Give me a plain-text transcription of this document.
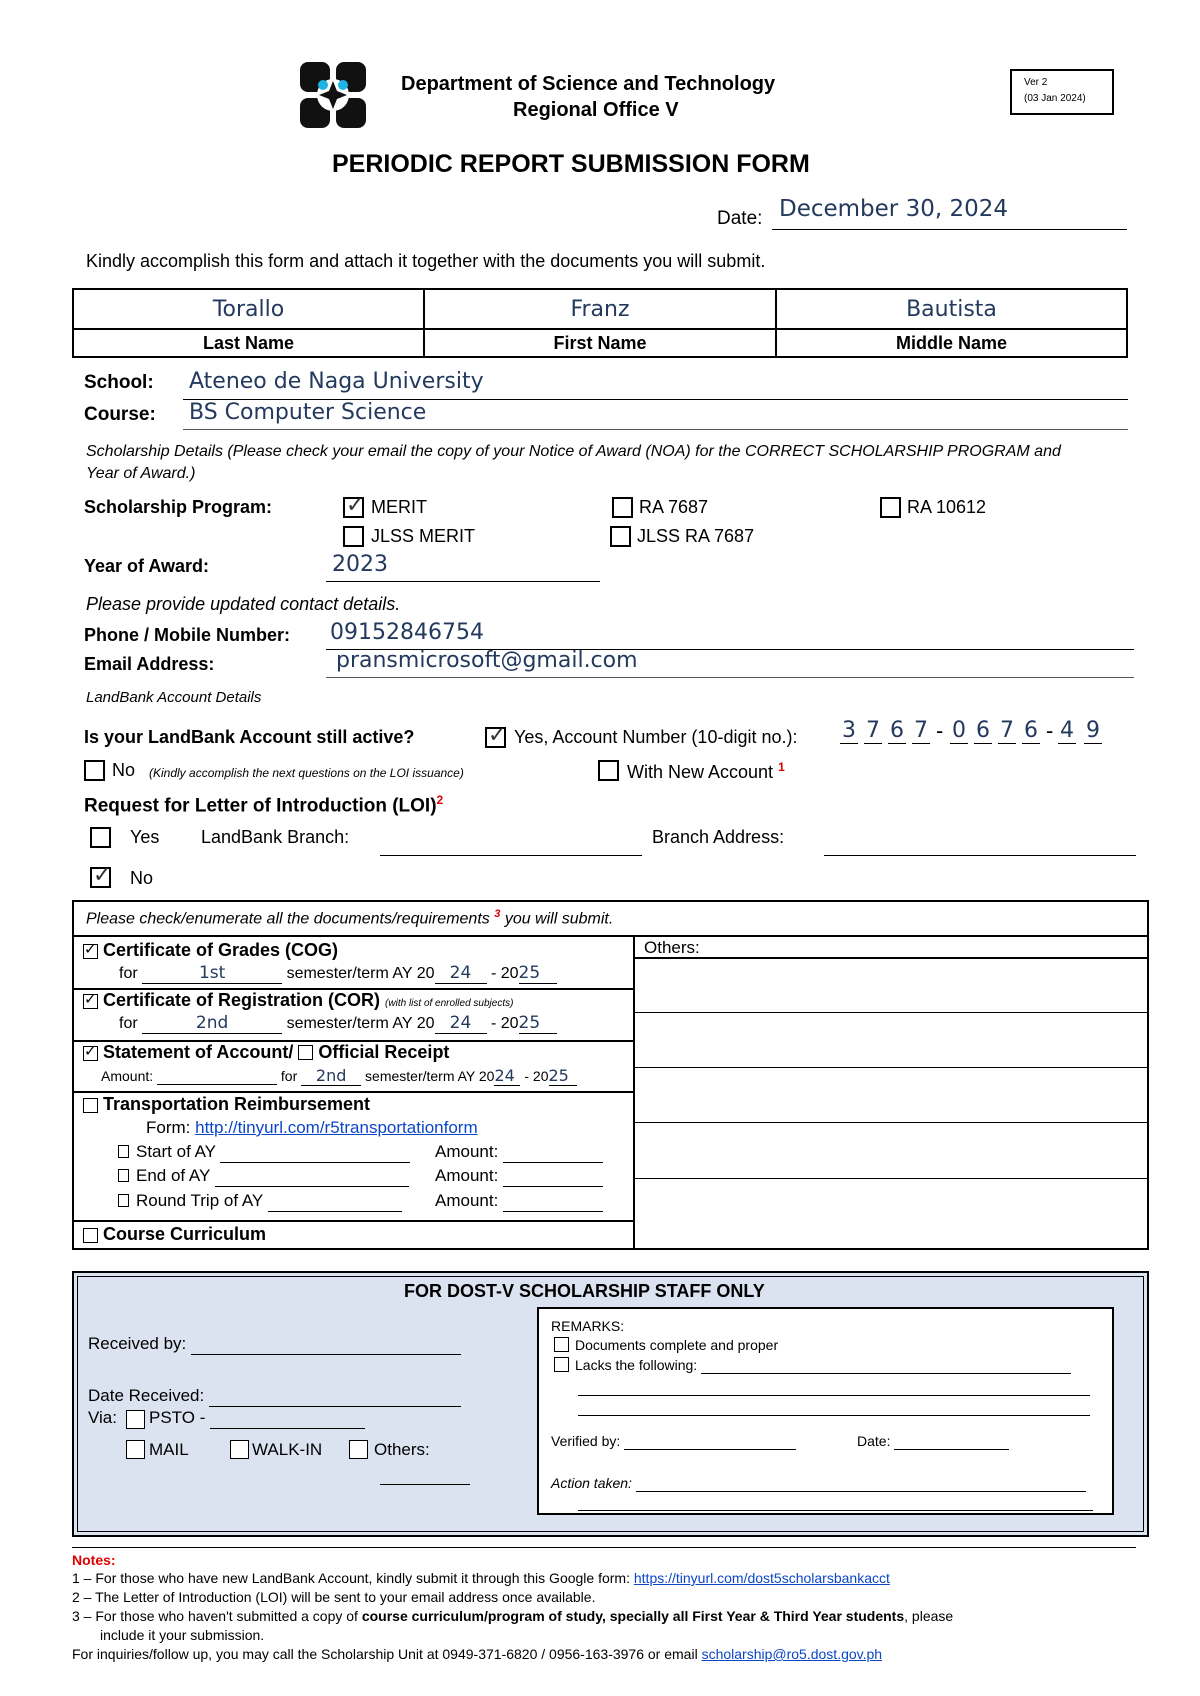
Department of Science and Technology
Regional Office V
Ver 2
(03 Jan 2024)
PERIODIC REPORT SUBMISSION FORM
Date: December 30, 2024
Kindly accomplish this form and attach it together with the documents you will submit.
Torallo	Franz	Bautista
Last Name	First Name	Middle Name
School: Ateneo de Naga University
Course: BS Computer Science
Scholarship Details (Please check your email the copy of your Notice of Award (NOA) for the CORRECT SCHOLARSHIP PROGRAM and Year of Award.)
Scholarship Program: ✓	MERIT	RA 7687	RA 10612
JLSS MERIT	JLSS RA 7687
Year of Award:	2023
Please provide updated contact details.
Phone / Mobile Number: 09152846754
Email Address:	pransmicrosoft@gmail.com
LandBank Account Details
Is your LandBank Account still active? ✓	Yes, Account Number (10-digit no.): 3 7 6 7 - 0 6 7 6 - 4 9
No (Kindly accomplish the next questions on the LOI issuance)	With New Account $^1$
Request for Letter of Introduction (LOI)$^2$
Yes LandBank Branch:	Branch Address:
✓
No
Please check/enumerate all the documents/requirements $^3$ you will submit.
Others:
✓
Certificate of Grades (COG)
for	1st	semester/term AY 20 24 - 2025
✓
Certificate of Registration (COR) (with list of enrolled subjects)
for	2nd	semester/term AY 20 24 - 2025
✓
Statement of Account/ Official Receipt
Amount:	for 2nd semester/term AY 2024 - 2025
Transportation Reimbursement
Form: http://tinyurl.com/r5transportationform
Start of AY	Amount:
End of AY	Amount:
Round Trip of AY	Amount:
Course Curriculum
FOR DOST-V SCHOLARSHIP STAFF ONLY
Received by:
Date Received:
Via: PSTO -
MAIL	WALK-IN	Others:
REMARKS:
Documents complete and proper
Lacks the following:
Verified by:	Date:
Action taken:
Notes:
1 – For those who have new LandBank Account, kindly submit it through this Google form: https://tinyurl.com/dost5scholarsbankacct
2 – The Letter of Introduction (LOI) will be sent to your email address once available.
3 – For those who haven't submitted a copy of course curriculum/program of study, specially all First Year & Third Year students, please
include it your submission.
For inquiries/follow up, you may call the Scholarship Unit at 0949-371-6820 / 0956-163-3976 or email scholarship@ro5.dost.gov.ph
